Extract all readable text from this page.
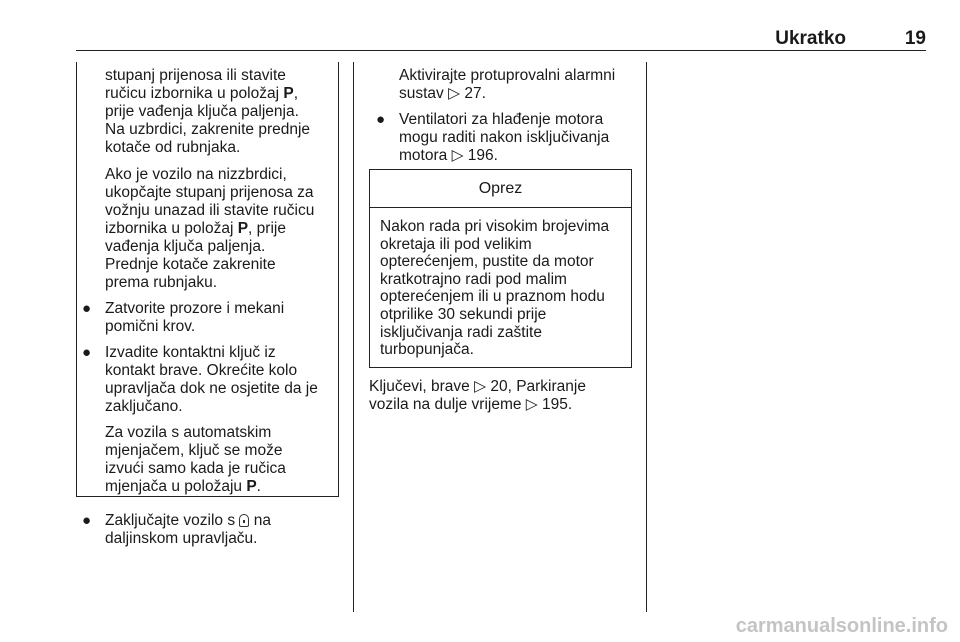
Ukratko	19
stupanj prijenosa ili stavite
ručicu izbornika u položaj P,
prije vađenja ključa paljenja.
Na uzbrdici, zakrenite prednje
kotače od rubnjaka.
Ako je vozilo na nizzbrdici,
ukopčajte stupanj prijenosa za
vožnju unazad ili stavite ručicu
izbornika u položaj P, prije
vađenja ključa paljenja.
Prednje kotače zakrenite
prema rubnjaku.
● Zatvorite prozore i mekani
pomični krov.
● Izvadite kontaktni ključ iz
kontakt brave. Okrećite kolo
upravljača dok ne osjetite da je
zaključano.
Za vozila s automatskim
mjenjačem, ključ se može
izvući samo kada je ručica
mjenjača u položaju P.
● Zaključajte vozilo s  na
daljinskom upravljaču.
Aktivirajte protuprovalni alarmni
sustav ▷ 27.
● Ventilatori za hlađenje motora
mogu raditi nakon isključivanja
motora ▷ 196.
Oprez
Nakon rada pri visokim brojevima
okretaja ili pod velikim
opterećenjem, pustite da motor
kratkotrajno radi pod malim
opterećenjem ili u praznom hodu
otprilike 30 sekundi prije
isključivanja radi zaštite
turbopunjača.
Ključevi, brave ▷ 20, Parkiranje
vozila na dulje vrijeme ▷ 195.
carmanualsonline.info
